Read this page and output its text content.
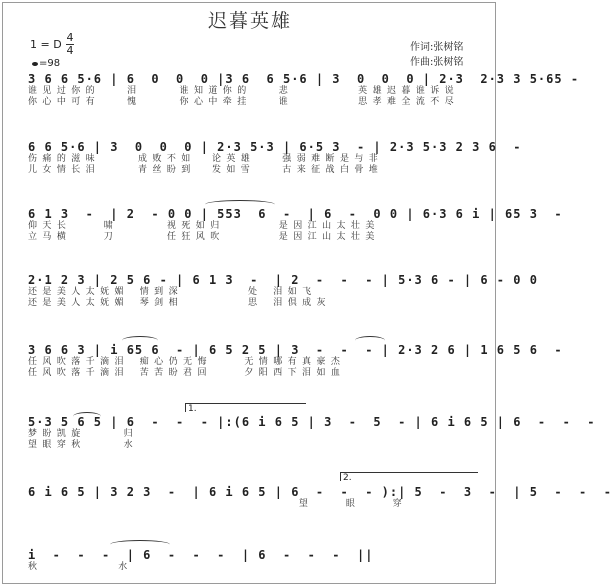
迟暮英雄
1 = D
4
4
=98
作词:张树铭
作曲:张树铭
3 6 6 5·6 | 6  0  0  0 |3 6  6 5·6 | 3  0  0  0 | 2·3  2·3 3 5·65 -
谁 见 过 你 的      泪        谁 知 道 你 的      悲             英 雄 迟 暮 谁 诉 说
你 心 中 可 有      愧        你 心 中 牵 挂      谁             思 孝 难 全 流 不 尽
6 6 5·6 | 3  0  0  0 | 2·3 5·3 | 6·5 3  - | 2·3 5·3 2 3 6  -
伤 痛 的 滋 味        成 败 不 如    论 英 雄      强 弱 难 断 是 与 非
儿 女 情 长 泪        青 丝 盼 到    发 如 雪      古 来 征 战 白 骨 堆
6 1 3  -  | 2  - 0 0 | 553  6  -  | 6  -  0 0 | 6·3 6 i | 65 3  -
仰 天 长       啸          视 死 如 归           是 因 江 山 太 壮 美
立 马 横       刀          任 狂 风 吹           是 因 江 山 太 壮 美
2·1 2 3 | 2 5 6 - | 6 1 3  -  | 2  -  -  - | 5·3 6 - | 6 - 0 0
还 是 美 人 太 妩 媚   情 到 深             处   泪 如 飞
还 是 美 人 太 妩 媚   琴 剑 相             思   泪 倶 成 灰
3 6 6 3 | i 65 6  - | 6 5 2 5 | 3  -  -  - | 2·3 2 6 | 1 6 5 6  -
任 风 吹 落 千 滴 泪   痴 心 仍 无 悔       无 情 哪 有 真 豪 杰
任 风 吹 落 千 滴 泪   苦 苦 盼 君 回       夕 阳 西 下 泪 如 血
1.
5·3 5 6 5 | 6  -  -  - |:(6 i 6 5 | 3  -  5  - | 6 i 6 5 | 6  -  -  -
梦 盼 凯 旋        归
望 眼 穿 秋        水
2.
6 i 6 5 | 3 2 3  -  | 6 i 6 5 | 6  -  -  - ):| 5  -  3  -  | 5  -  -  -
望       眼       穿
i  -  -  -  | 6  -  -  -  | 6  -  -  -  ||
秋               水
